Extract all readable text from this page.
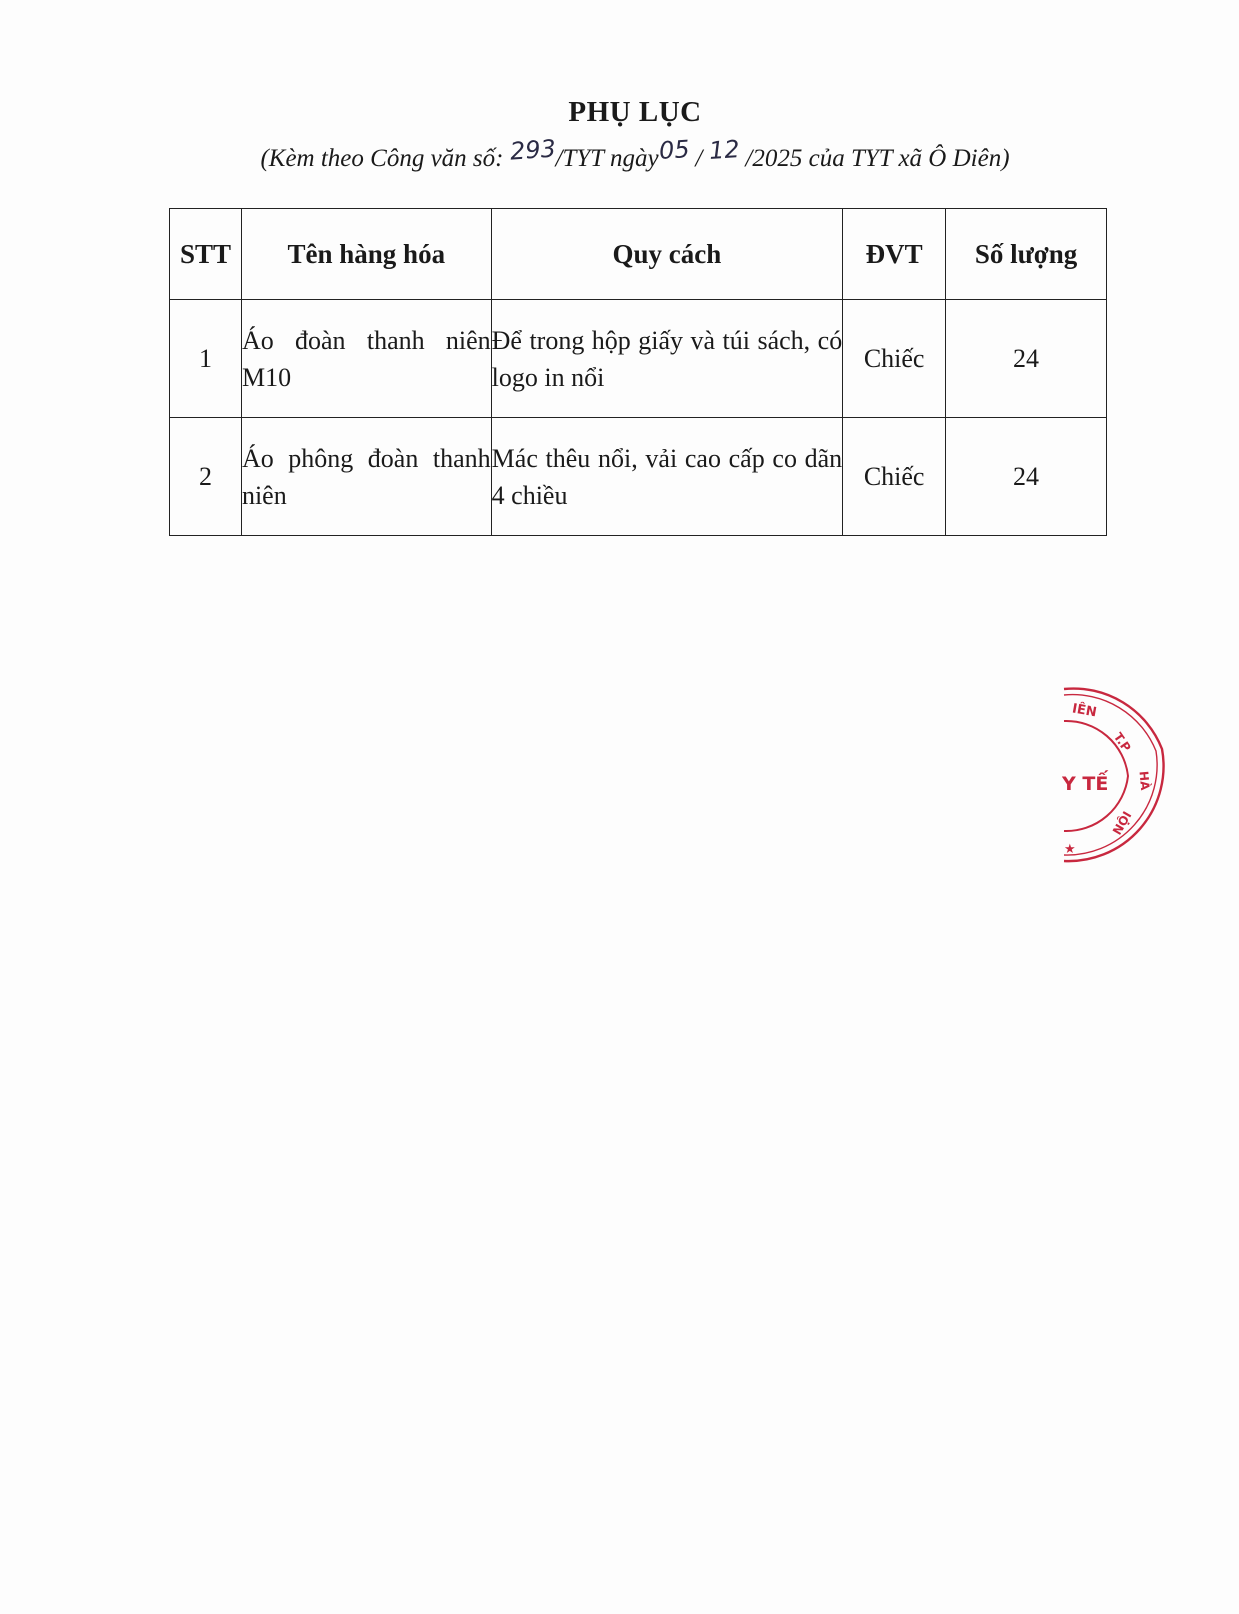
PHỤ LỤC
(Kèm theo Công văn số: 293/TYT ngày05 / 12 /2025 của TYT xã Ô Diên)
STT	Tên hàng hóa	Quy cách	ĐVT	Số lượng
1	Áo đoàn thanh niên M10	Để trong hộp giấy và túi sách, có logo in nổi	Chiếc	24
2	Áo phông đoàn thanh niên	Mác thêu nổi, vải cao cấp co dãn 4 chiều	Chiếc	24
IÊN
T.P
HÀ
NỘI
Y TẾ
★
